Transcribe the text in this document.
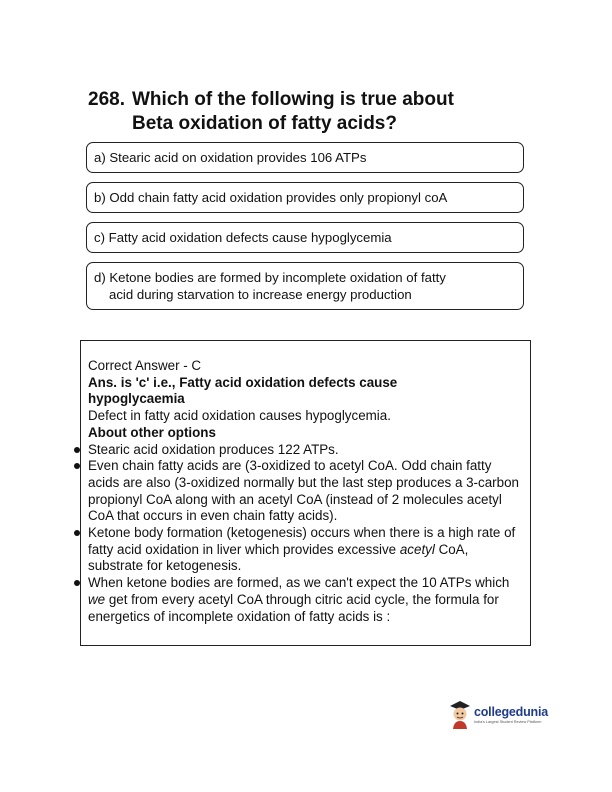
268. Which of the following is true about
Beta oxidation of fatty acids?
a) Stearic acid on oxidation provides 106 ATPs
b) Odd chain fatty acid oxidation provides only propionyl coA
c) Fatty acid oxidation defects cause hypoglycemia
d) Ketone bodies are formed by incomplete oxidation of fatty
acid during starvation to increase energy production
Correct Answer - C
Ans. is 'c' i.e., Fatty acid oxidation defects cause
hypoglycaemia
Defect in fatty acid oxidation causes hypoglycemia.
About other options
Stearic acid oxidation produces 122 ATPs.
Even chain fatty acids are (3-oxidized to acetyl CoA. Odd chain fatty acids are also (3-oxidized normally but the last step produces a 3-carbon propionyl CoA along with an acetyl CoA (instead of 2 molecules acetyl CoA that occurs in even chain fatty acids).
Ketone body formation (ketogenesis) occurs when there is a high rate of fatty acid oxidation in liver which provides excessive acetyl CoA, substrate for ketogenesis.
When ketone bodies are formed, as we can't expect the 10 ATPs which we get from every acetyl CoA through citric acid cycle, the formula for energetics of incomplete oxidation of fatty acids is :
collegedunia
India's Largest Student Review Platform
